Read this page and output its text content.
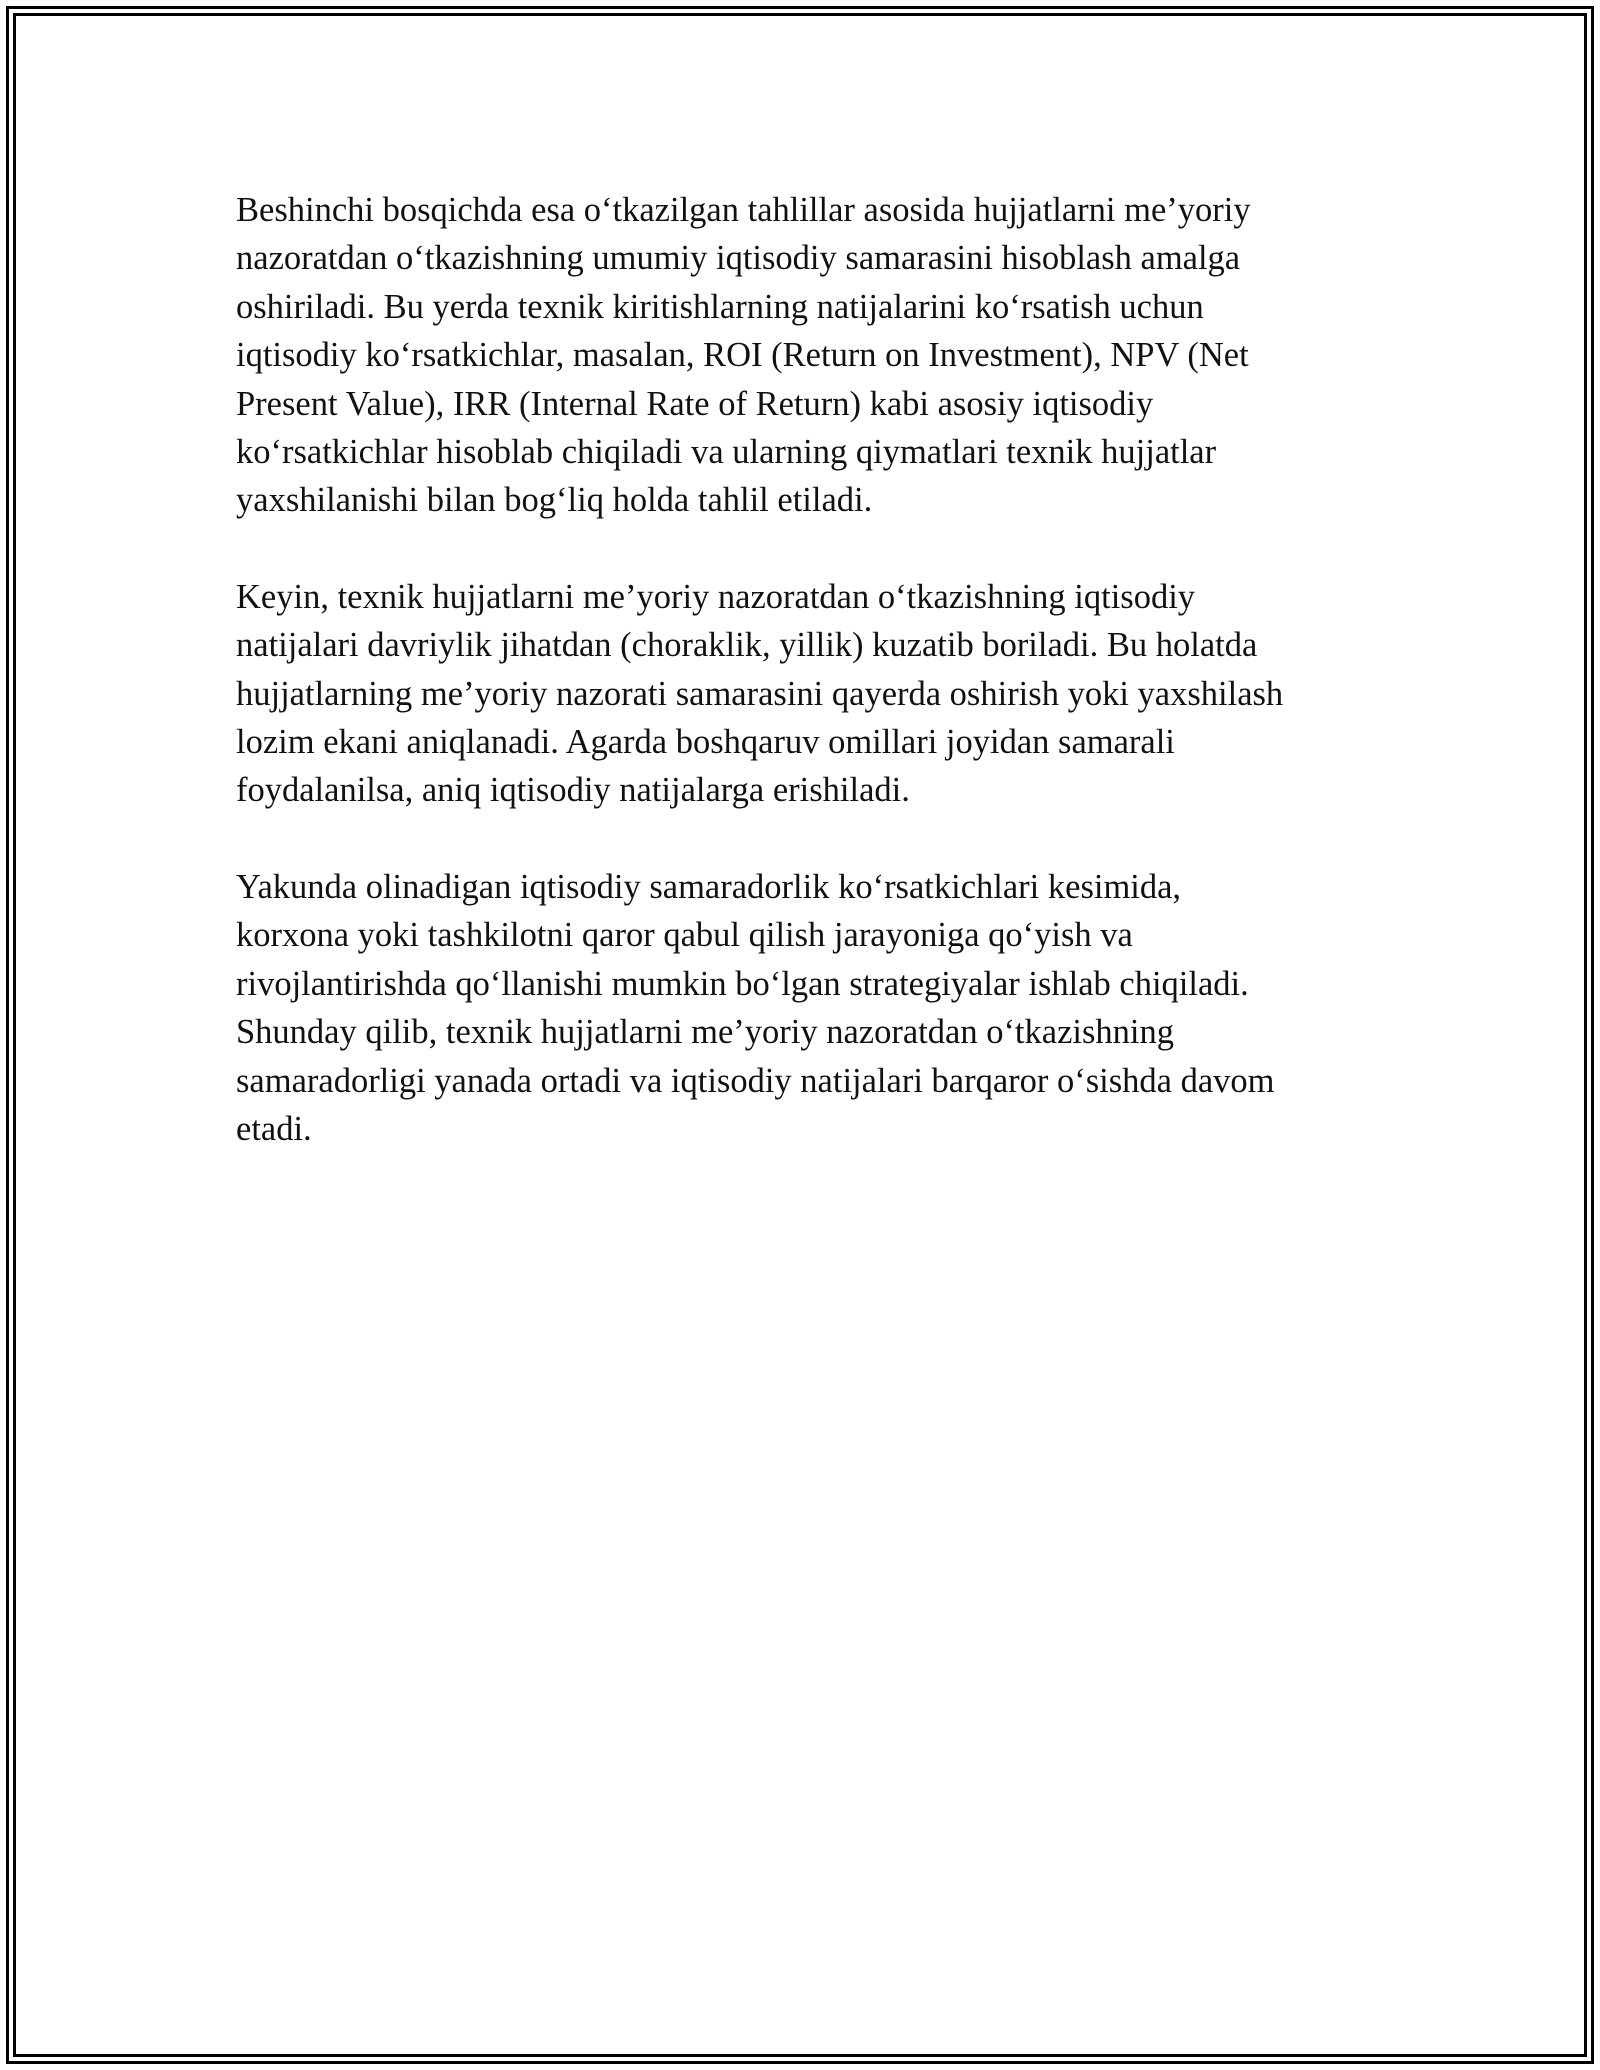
Beshinchi bosqichda esa o‘tkazilgan tahlillar asosida hujjatlarni me’yoriy
nazoratdan o‘tkazishning umumiy iqtisodiy samarasini hisoblash amalga
oshiriladi. Bu yerda texnik kiritishlarning natijalarini ko‘rsatish uchun
iqtisodiy ko‘rsatkichlar, masalan, ROI (Return on Investment), NPV (Net
Present Value), IRR (Internal Rate of Return) kabi asosiy iqtisodiy
ko‘rsatkichlar hisoblab chiqiladi va ularning qiymatlari texnik hujjatlar
yaxshilanishi bilan bog‘liq holda tahlil etiladi.

Keyin, texnik hujjatlarni me’yoriy nazoratdan o‘tkazishning iqtisodiy
natijalari davriylik jihatdan (choraklik, yillik) kuzatib boriladi. Bu holatda
hujjatlarning me’yoriy nazorati samarasini qayerda oshirish yoki yaxshilash
lozim ekani aniqlanadi. Agarda boshqaruv omillari joyidan samarali
foydalanilsa, aniq iqtisodiy natijalarga erishiladi.

Yakunda olinadigan iqtisodiy samaradorlik ko‘rsatkichlari kesimida,
korxona yoki tashkilotni qaror qabul qilish jarayoniga qo‘yish va
rivojlantirishda qo‘llanishi mumkin bo‘lgan strategiyalar ishlab chiqiladi.
Shunday qilib, texnik hujjatlarni me’yoriy nazoratdan o‘tkazishning
samaradorligi yanada ortadi va iqtisodiy natijalari barqaror o‘sishda davom
etadi.
